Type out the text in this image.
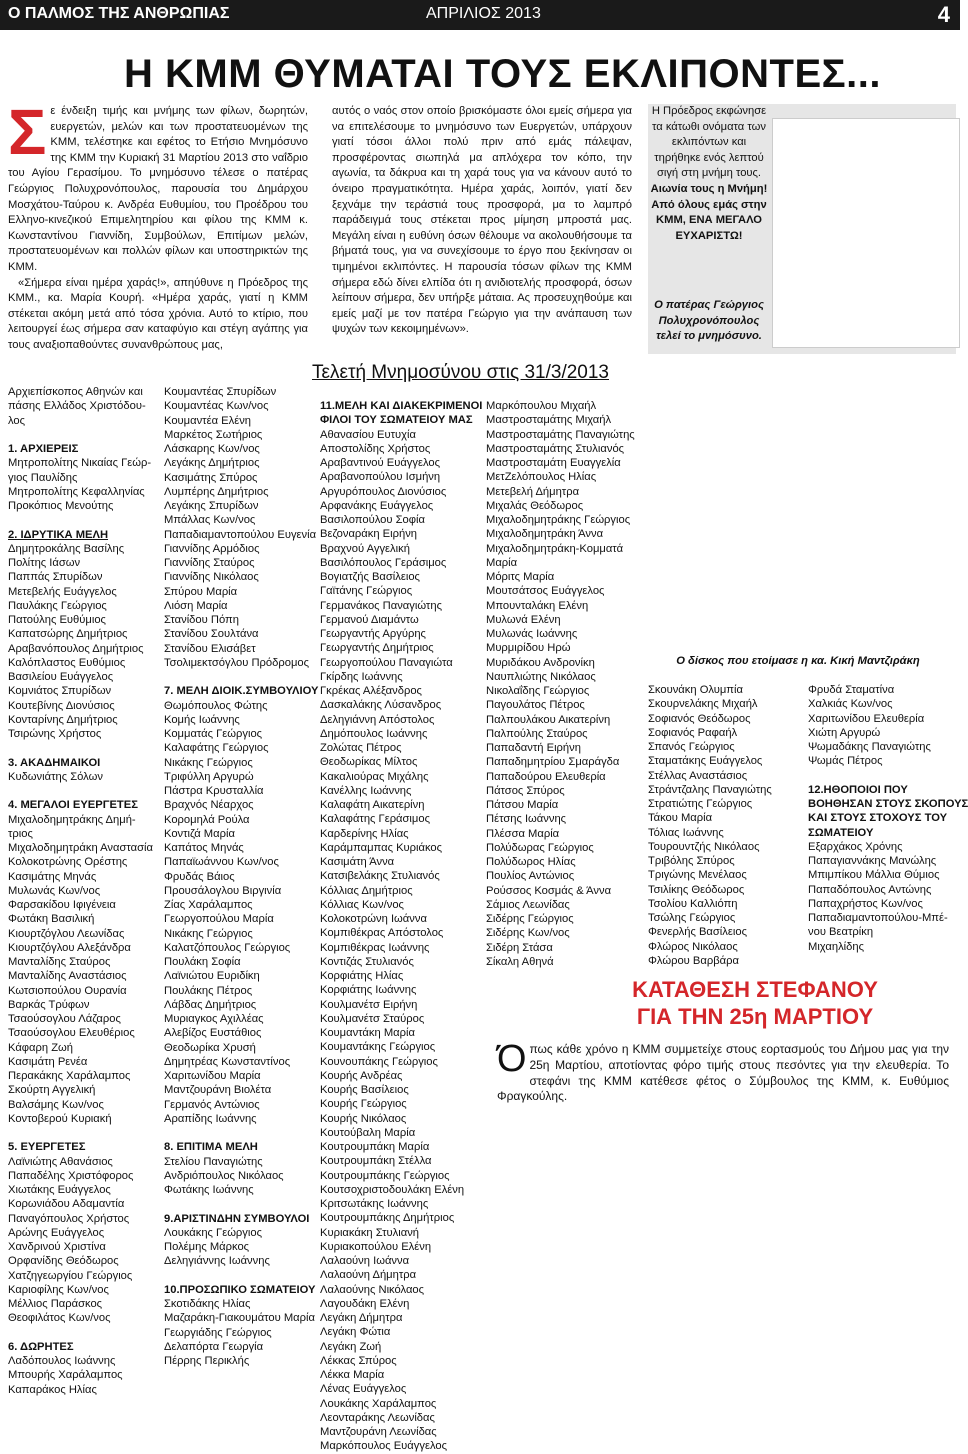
Ο ΠΑΛΜΟΣ ΤΗΣ ΑΝΘΡΩΠΙΑΣ	ΑΠΡΙΛΙΟΣ 2013	4
Η ΚΜΜ ΘΥΜΑΤΑΙ ΤΟΥΣ ΕΚΛΙΠΟΝΤΕΣ...
Σ ε ένδειξη τιμής και μνήμης των φίλων, δωρητών, ευεργετών, μελών και των προστατευομένων της ΚΜΜ, τελέστηκε και εφέτος το Ετήσιο Μνημόσυνο της ΚΜΜ την Κυριακή 31 Μαρτίου 2013 στο ναΐδριο του Αγίου Γερασίμου. Το μνημόσυνο τέλεσε ο πατέρας Γεώργιος Πολυχρονόπουλος, παρουσία του Δημάρχου Μοσχάτου-Ταύρου κ. Ανδρέα Ευθυμίου, του Προέδρου του Ελληνο-κινεζικού Επιμελητηρίου και φίλου της ΚΜΜ κ. Κωνσταντίνου Γιαννίδη, Συμβούλων, Επιτίμων μελών, προστατευομένων και πολλών φίλων και υποστηρικτών της ΚΜΜ.

«Σήμερα είναι ημέρα χαράς!», απηύθυνε η Πρόεδρος της ΚΜΜ., κα. Μαρία Κουρή. «Ημέρα χαράς, γιατί η ΚΜΜ στέκεται ακόμη μετά από τόσα χρόνια. Αυτό το κτίριο, που λειτουργεί έως σήμερα σαν καταφύγιο και στέγη αγάπης για τους αναξιοπαθούντες συνανθρώπους μας,

αυτός ο ναός στον οποίο βρισκόμαστε όλοι εμείς σήμερα για να επιτελέσουμε το μνημόσυνο των Ευεργετών, υπάρχουν γιατί τόσοι άλλοι πολύ πριν από εμάς πάλεψαν, προσφέροντας σιωπηλά μα απλόχερα τον κόπο, την αγωνία, τα δάκρυα και τη χαρά τους για να κάνουν αυτό το όνειρο πραγματικότητα. Ημέρα χαράς, λοιπόν, γιατί δεν ξεχνάμε την τεράστιά τους προσφορά, μα το λαμπρό παράδειγμά τους στέκεται προς μίμηση μπροστά μας. Μεγάλη είναι η ευθύνη όσων θέλουμε να ακολουθήσουμε τα βήματά τους, για να συνεχίσουμε το έργο που ξεκίνησαν οι τιμημένοι εκλιπόντες. Η παρουσία τόσων φίλων της ΚΜΜ σήμερα εδώ δίνει ελπίδα ότι η ανιδιοτελής προσφορά, όσων λείπουν σήμερα, δεν υπήρξε μάταια. Ας προσευχηθούμε και εμείς μαζί με τον πατέρα Γεώργιο για την ανάπαυση των ψυχών των κεκοιμημένων».

Η Πρόεδρος εκφώνησε τα κάτωθι ονόματα των εκλιπόντων και τηρήθηκε ενός λεπτού σιγή στη μνήμη τους.
Αιωνία τους η Μνήμη! Από όλους εμάς στην ΚΜΜ, ΕΝΑ ΜΕΓΑΛΟ ΕΥΧΑΡΙΣΤΩ!
Ο πατέρας Γεώργιος Πολυχρονόπουλος τελεί το μνημόσυνο.
Τελετή Μνημοσύνου στις 31/3/2013
Αρχιεπίσκοπος Αθηνών και
πάσης Ελλάδος Χριστόδου-
λος

1. ΑΡΧΙΕΡΕΙΣ
Μητροπολίτης Νικαίας Γεώρ-
γιος Παυλίδης
Μητροπολίτης Κεφαλληνίας
Προκόπιος Μενούτης

2. ΙΔΡΥΤΙΚΑ ΜΕΛΗ
Δημητροκάλης Βασίλης
Πολίτης Ιάσων
Παππάς Σπυρίδων
Μετεβελής Ευάγγελος
Παυλάκης Γεώργιος
Πατούλης Ευθύμιος
Καπατσώρης Δημήτριος
Αραβανόπουλος Δημήτριος
Καλόπλαστος Ευθύμιος
Βασιλείου Ευάγγελος
Κομνιάτος Σπυρίδων
Κουτεβίνης Διονύσιος
Κονταρίνης Δημήτριος
Τσιρώνης Χρήστος

3. ΑΚΑΔΗΜΑΙΚΟΙ
Κυδωνιάτης Σόλων

4. ΜΕΓΑΛΟΙ ΕΥΕΡΓΕΤΕΣ
Μιχαλοδημητράκης Δημή-
τριος
Μιχαλοδημητράκη Αναστασία
Κολοκοτρώνης Ορέστης
Κασιμάτης Μηνάς
Μυλωνάς Κων/νος
Φαρσακίδου Ιφιγένεια
Φωτάκη Βασιλική
Κιουρτζόγλου Λεωνίδας
Κιουρτζόγλου Αλεξάνδρα
Μανταλίδης Σταύρος
Μανταλίδης Αναστάσιος
Κωτσιοπούλου Ουρανία
Βαρκάς Τρύφων
Τσαούσογλου Λάζαρος
Τσαούσογλου Ελευθέριος
Κάφαρη Ζωή
Κασιμάτη Ρενέα
Περακάκης Χαράλαμπος
Σκούρτη Αγγελική
Βαλσάμης Κων/νος
Κοντοβερού Κυριακή

5. ΕΥΕΡΓΕΤΕΣ
Λαϊνιώτης Αθανάσιος
Παπαδέλης Χριστόφορος
Χιωτάκης Ευάγγελος
Κορωνιάδου Αδαμαντία
Παναγόπουλος Χρήστος
Αρώνης Ευάγγελος
Χανδρινού Χριστίνα
Ορφανίδης Θεόδωρος
Χατζηγεωργίου Γεώργιος
Καριοφίλης Κων/νος
Μέλλιος Παράσκος
Θεοφιλάτος Κων/νος

6. ΔΩΡΗΤΕΣ
Λαδόπουλος Ιωάννης
Μπουρής Χαράλαμπος
Καπαράκος Ηλίας
Κουμαντέας Σπυρίδων
Κουμαντέας Κων/νος
Κουμαντέα Ελένη
Μαρκέτος Σωτήριος
Λάσκαρης Κων/νος
Λεγάκης Δημήτριος
Κασιμάτης Σπύρος
Λυμπέρης Δημήτριος
Λεγάκης Σπυρίδων
Μπάλλας Κων/νος
Παπαδιαμαντοπούλου Ευγενία
Γιαννίδης Αρμόδιος
Γιαννίδης Σταύρος
Γιαννίδης Νικόλαος
Σπύρου Μαρία
Λιόση Μαρία
Στανίδου Πόπη
Στανίδου Σουλτάνα
Στανίδου Ελισάβετ
Τσολιμεκτσόγλου Πρόδρομος

7. ΜΕΛΗ ΔΙΟΙΚ.ΣΥΜΒΟΥΛΙΟΥ
Θωμόπουλος Φώτης
Κομής Ιωάννης
Κομματάς Γεώργιος
Καλαφάτης Γεώργιος
Νικάκης Γεώργιος
Τριφύλλη Αργυρώ
Πάστρα Κρυσταλλία
Βραχνός Νέαρχος
Κορομηλά Ρούλα
Κοντιζά Μαρία
Καπάτος Μηνάς
Παπαϊωάννου Κων/νος
Φρυδάς Βάιος
Προυσάλογλου Βιργινία
Ζίας Χαράλαμπος
Γεωργοπούλου Μαρία
Νικάκης Γεώργιος
Καλατζόπουλος Γεώργιος
Πουλάκη Σοφία
Λαϊνιώτου Ευριδίκη
Πουλάκης Πέτρος
Λάβδας Δημήτριος
Μυριαγκος Αχιλλέας
Αλεβίζος Ευστάθιος
Θεοδωρίκα Χρυσή
Δημητρέας Κωνσταντίνος
Χαριτωνίδου Μαρία
Μαντζουράνη Βιολέτα
Γερμανός Αντώνιος
Αραπίδης Ιωάννης

8. ΕΠΙΤΙΜΑ ΜΕΛΗ
Στελίου Παναγιώτης
Ανδριόπουλος Νικόλαος
Φωτάκης Ιωάννης

9.ΑΡΙΣΤΙΝΔΗΝ ΣΥΜΒΟΥΛΟΙ
Λουκάκης Γεώργιος
Πολέμης Μάρκος
Δεληγιάννης Ιωάννης

10.ΠΡΟΣΩΠΙΚΟ ΣΩΜΑΤΕΙΟΥ
Σκοτιδάκης Ηλίας
Μαζαράκη-Γιακουμάτου Μαρία
Γεωργιάδης Γεώργιος
Δελαπόρτα Γεωργία
Πέρρης Περικλής
11.ΜΕΛΗ ΚΑΙ ΔΙΑΚΕΚΡΙΜΕΝΟΙ
ΦΙΛΟΙ ΤΟΥ ΣΩΜΑΤΕΙΟΥ ΜΑΣ
Αθανασίου Ευτυχία
Αποστολίδης Χρήστος
Αραβαντινού Ευάγγελος
Αραβανοπούλου Ισμήνη
Αργυρόπουλος Διονύσιος
Αρφανάκης Ευάγγελος
Βασιλοπούλου Σοφία
Βεζοναράκη Ειρήνη
Βραχνού Αγγελική
Βασιλόπουλος Γεράσιμος
Βογιατζής Βασίλειος
Γαϊτάνης Γεώργιος
Γερμανάκος Παναγιώτης
Γερμανού Διαμάντω
Γεωργαντής Αργύρης
Γεωργαντής Δημήτριος
Γεωργοπούλου Παναγιώτα
Γκίρδης Ιωάννης
Γκρέκας Αλέξανδρος
Δασκαλάκης Λύσανδρος
Δεληγιάννη Απόστολος
Δημόπουλος Ιωάννης
Ζολώτας Πέτρος
Θεοδωρίκας Μίλτος
Κακαλιούρας Μιχάλης
Κανέλλης Ιωάννης
Καλαφάτη Αικατερίνη
Καλαφάτης Γεράσιμος
Καρδερίνης Ηλίας
Καράμπαμπας Κυριάκος
Κασιμάτη Άννα
Κατσιβελάκης Στυλιανός
Κόλλιας Δημήτριος
Κόλλιας Κων/νος
Κολοκοτρώνη Ιωάννα
Κομπιθέκρας Απόστολος
Κομπιθέκρας Ιωάννης
Κοντιζάς Στυλιανός
Κορφιάτης Ηλίας
Κορφιάτης Ιωάννης
Κουλμανέτσ Ειρήνη
Κουλμανέτσ Σταύρος
Κουμαντάκη Μαρία
Κουμαντάκης Γεώργιος
Κουνουπάκης Γεώργιος
Κουρής Ανδρέας
Κουρής Βασίλειος
Κουρής Γεώργιος
Κουρής Νικόλαος
Κουτούβαλη Μαρία
Κουτρουμπάκη Μαρία
Κουτρουμπάκη Στέλλα
Κουτρουμπάκης Γεώργιος
Κουτσοχριστοδουλάκη Ελένη
Κριτσωτάκης Ιωάννης
Κουτρουμπάκης Δημήτριος
Κυριακάκη Στυλιανή
Κυριακοπούλου Ελένη
Λαλαούνη Ιωάννα
Λαλαούνη Δήμητρα
Λαλαούνης Νικόλαος
Λαγουδάκη Ελένη
Λεγάκη Δήμητρα
Λεγάκη Φώτια
Λεγάκη Ζωή
Λέκκας Σπύρος
Λέκκα Μαρία
Λένας Ευάγγελος
Λουκάκης Χαράλαμπος
Λεονταράκης Λεωνίδας
Μαντζουράνη Λεωνίδας
Μαρκόπουλος Ευάγγελος
Μαρκόπουλου Μιχαήλ
Μαστροσταμάτης Μιχαήλ
Μαστροσταμάτης Παναγιώτης
Μαστροσταμάτης Στυλιανός
Μαστροσταμάτη Ευαγγελία
ΜετΖελόπουλος Ηλίας
Μετεβελή Δήμητρα
Μιχαλάς Θεόδωρος
Μιχαλοδημητράκης Γεώργιος
Μιχαλοδημητράκη Άννα
Μιχαλοδημητράκη-Κομματά
Μαρία
Μόριτς Μαρία
Μουτσάτσος Ευάγγελος
Μπουνταλάκη Ελένη
Μυλωνά Ελένη
Μυλωνάς Ιωάννης
Μυρμιρίδου Ηρώ
Μυριδάκου Ανδρονίκη
Ναυπλιώτης Νικόλαος
Νικολαΐδης Γεώργιος
Παγουλάτος Πέτρος
Παλπουλάκου Αικατερίνη
Παλπούλης Σταύρος
Παπαδαντή Ειρήνη
Παπαδημητρίου Σμαράγδα
Παπαδούρου Ελευθερία
Πάτσος Σπύρος
Πάτσου Μαρία
Πέτσης Ιωάννης
Πλέσσα Μαρία
Πολύδωρας Γεώργιος
Πολύδωρος Ηλίας
Πουλίος Αντώνιος
Ρούσσος Κοσμάς & Άννα
Σάμιος Λεωνίδας
Σιδέρης Γεώργιος
Σιδέρης Κων/νος
Σιδέρη Στάσα
Σίκαλη Αθηνά
Ο δίσκος που ετοίμασε η κα. Κική Μαντζιράκη
Σκουνάκη Ολυμπία
Σκουρνελάκης Μιχαήλ
Σοφιανός Θεόδωρος
Σοφιανός Ραφαήλ
Σπανός Γεώργιος
Σταματάκης Ευάγγελος
Στέλλας Αναστάσιος
Στράντζαλης Παναγιώτης
Στρατιώτης Γεώργιος
Τάκου Μαρία
Τόλιας Ιωάννης
Τουρουντζής Νικόλαος
Τριβόλης Σπύρος
Τριγώνης Μενέλαος
Τσιλίκης Θεόδωρος
Τσολίου Καλλιόπη
Τσώλης Γεώργιος
Φενερλής Βασίλειος
Φλώρος Νικόλαος
Φλώρου Βαρβάρα
Φρυδά Σταματίνα
Χαλκιάς Κων/νος
Χαριτωνίδου Ελευθερία
Χιώτη Αργυρώ
Ψωμαδάκης Παναγιώτης
Ψωμάς Πέτρος

12.ΗΘΟΠΟΙΟΙ ΠΟΥ
ΒΟΗΘΗΣΑΝ ΣΤΟΥΣ ΣΚΟΠΟΥΣ
ΚΑΙ ΣΤΟΥΣ ΣΤΟΧΟΥΣ ΤΟΥ
ΣΩΜΑΤΕΙΟΥ
Εξαρχάκος Χρόνης
Παπαγιαννάκης Μανώλης
Μπιμπίκου Μάλλια Θύμιος
Παπαδόπουλος Αντώνης
Παπαχρήστος Κων/νος
Παπαδιαμαντοπούλου-Μπέ-
νου Βεατρίκη
Μιχαηλίδης
ΚΑΤΑΘΕΣΗ ΣΤΕΦΑΝΟΥ
ΓΙΑ ΤΗΝ 25η ΜΑΡΤΙΟΥ
Ό πως κάθε χρόνο η ΚΜΜ συμμετείχε στους εορτασμούς του Δήμου μας για την 25η Μαρτίου, αποτίοντας φόρο τιμής στους πεσόντες για την ελευθερία. Το στεφάνι της ΚΜΜ κατέθεσε φέτος ο Σύμβουλος της ΚΜΜ, κ. Ευθύμιος Φραγκούλης.
